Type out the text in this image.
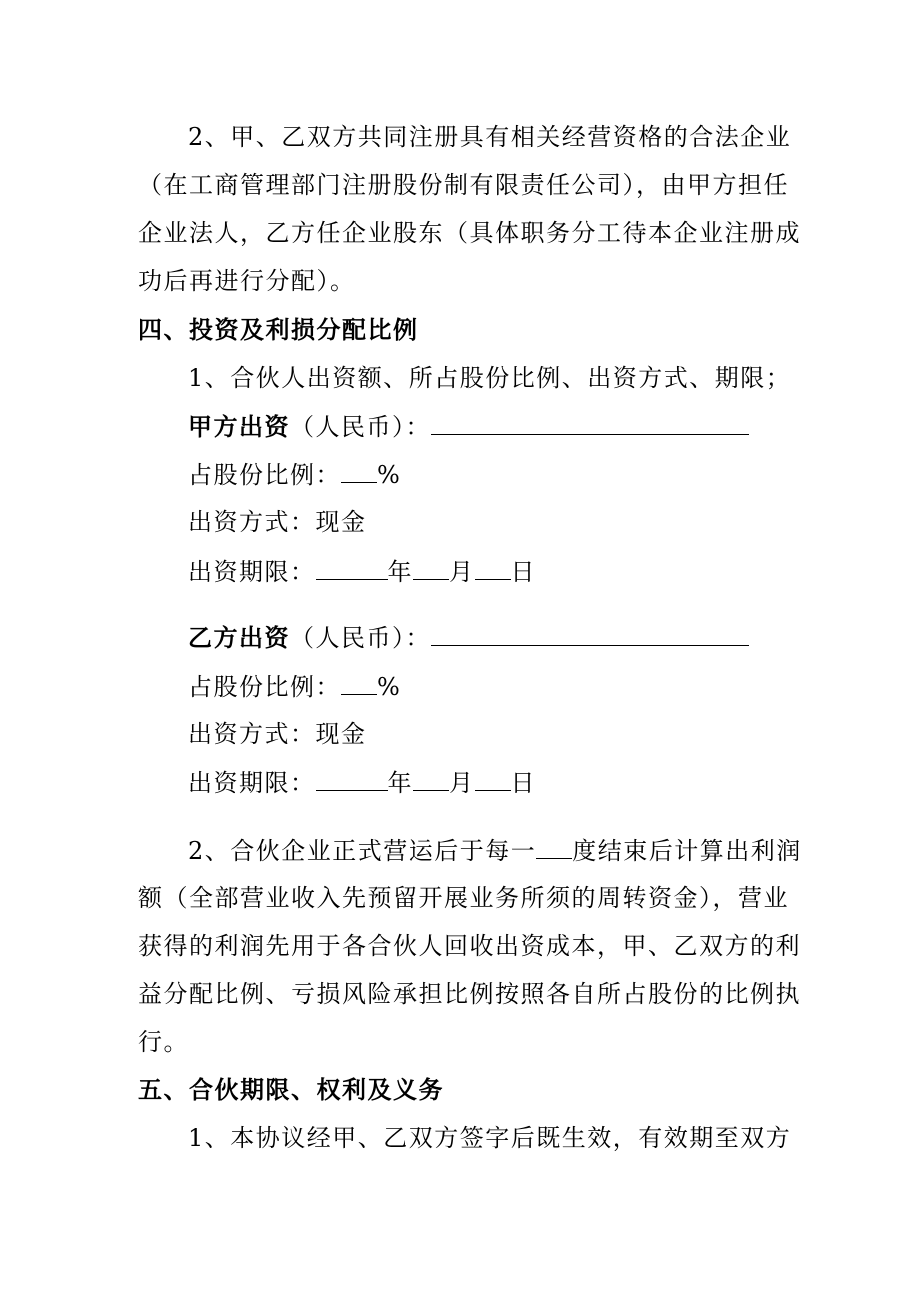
2、甲、乙双方共同注册具有相关经营资格的合法企业
（在工商管理部门注册股份制有限责任公司），由甲方担任
企业法人，乙方任企业股东（具体职务分工待本企业注册成
功后再进行分配）。
四、投资及利损分配比例
1、合伙人出资额、所占股份比例、出资方式、期限；
甲方出资（人民币）：
占股份比例： %
出资方式：现金
出资期限：	年 月 日
乙方出资（人民币）：
占股份比例： %
出资方式：现金
出资期限：	年 月 日
2、合伙企业正式营运后于每一 度结束后计算出利润
额（全部营业收入先预留开展业务所须的周转资金），营业
获得的利润先用于各合伙人回收出资成本，甲、乙双方的利
益分配比例、亏损风险承担比例按照各自所占股份的比例执
行。
五、合伙期限、权利及义务
1、本协议经甲、乙双方签字后既生效，有效期至双方
